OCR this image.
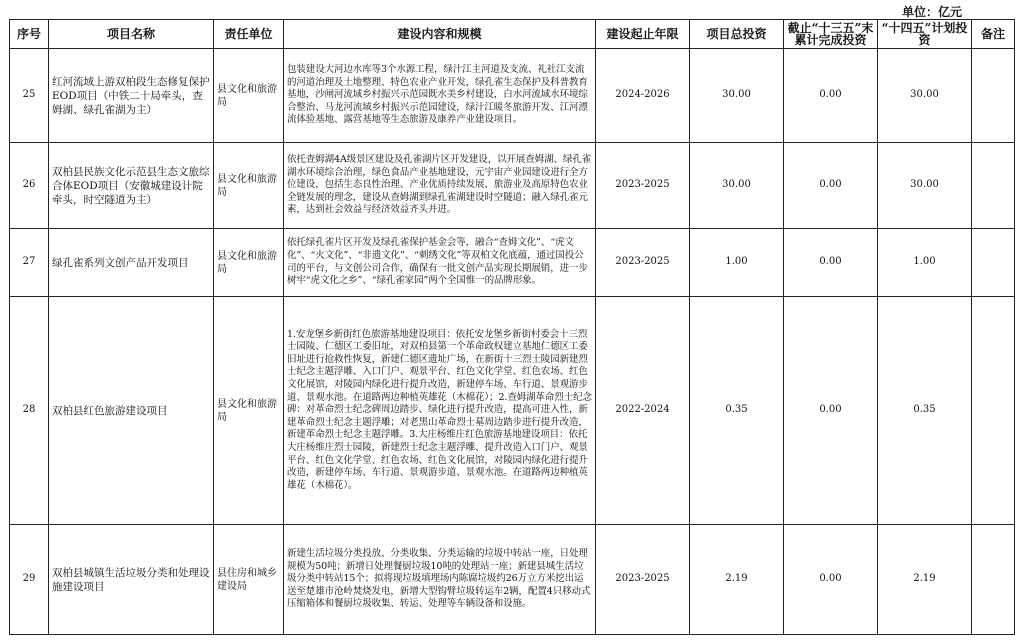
单位：亿元
序号	项目名称	责任单位	建设内容和规模	建设起止年限	项目总投资	截止“十三五”末累计完成投资	“十四五”计划投资	备注
25	红河流域上游双柏段生态修复保护EOD项目（中铁二十局牵头，查姆湖、绿孔雀湖为主）	县文化和旅游局	包装建设大河边水库等3个水源工程，绿汁江主河道及支流、礼社江支流的河道治理及土地整理、特色农业产业开发，绿孔雀生态保护及科普教育基地，沙闸河流域乡村振兴示范园既水美乡村建设，白水河流域水环境综合整治、马龙河流域乡村振兴示范园建设，绿汁江暖冬旅游开发、江河漂流体验基地、露营基地等生态旅游及康养产业建设项目。	2024-2026	30.00	0.00	30.00	
26	双柏县民族文化示范县生态文旅综合体EOD项目（安徽城建设计院牵头，时空隧道为主）	县文化和旅游局	依托查姆湖4A级景区建设及孔雀湖片区开发建设，以开展查姆湖、绿孔雀湖水环境综合治理，绿色食品产业基地建设，元宇宙产业园建设进行全方位建设，包括生态良性治理、产业优质持续发展、旅游业及高原特色农业全链发展的理念，建设从查姆湖到绿孔雀湖建设时空隧道；融入绿孔雀元素，达到社会效益与经济效益齐头并进。	2023-2025	30.00	0.00	30.00	
27	绿孔雀系列文创产品开发项目	县文化和旅游局	依托绿孔雀片区开发及绿孔雀保护基金会等，融合“查姆文化”、“虎文化”、“火文化”、“非遗文化”、“刺绣文化”等双柏文化底蕴，通过国投公司的平台，与文创公司合作，确保有一批文创产品实现长期展销，进一步树牢“虎文化之乡”、“绿孔雀家园”两个全国惟一的品牌形象。	2023-2025	1.00	0.00	1.00	
28	双柏县红色旅游建设项目	县文化和旅游局	1.安龙堡乡新街红色旅游基地建设项目：依托安龙堡乡新街村委会十三烈士园陵、仁德区工委旧址，对双柏县第一个革命政权建立基地仁德区工委旧址进行抢救性恢复，新建仁德区遗址广场，在新街十三烈士陵园新建烈士纪念主题浮雕、入口门户、观景平台、红色文化学堂、红色农场、红色文化展馆，对陵园内绿化进行提升改造，新建停车场、车行道、景观游步道、景观水池。在道路两边种植英雄花（木棉花）；2.查姆湖革命烈士纪念碑：对革命烈士纪念碑周边踏步、绿化进行提升改造，提高可进入性，新建革命烈士纪念主题浮雕；对老黑山革命烈士墓周边踏步进行提升改造，新建革命烈士纪念主题浮雕。3.大庄杨维庄红色旅游基地建设项目：依托大庄杨维庄烈士园陵，新建烈士纪念主题浮雕、提升改造入口门户、观景平台、红色文化学堂、红色农场、红色文化展馆，对陵园内绿化进行提升改造，新建停车场、车行道、景观游步道、景观水池。在道路两边种植英雄花（木棉花）。	2022-2024	0.35	0.00	0.35	
29	双柏县城镇生活垃圾分类和处理设施建设项目	县住房和城乡建设局	新建生活垃圾分类投放、分类收集、分类运输的垃圾中转站一座，日处理规模为50吨；新增日处理餐厨垃圾10吨的处理站一座；新建县城生活垃圾分类中转站15个；拟将现垃圾填埋场内陈腐垃圾约26万立方米挖出运送至楚雄市沧岭焚烧发电，新增大型钩臂垃圾转运车2辆，配置4只移动式压缩箱体和餐厨垃圾收集、转运、处理等车辆设备和设施。	2023-2025	2.19	0.00	2.19	
